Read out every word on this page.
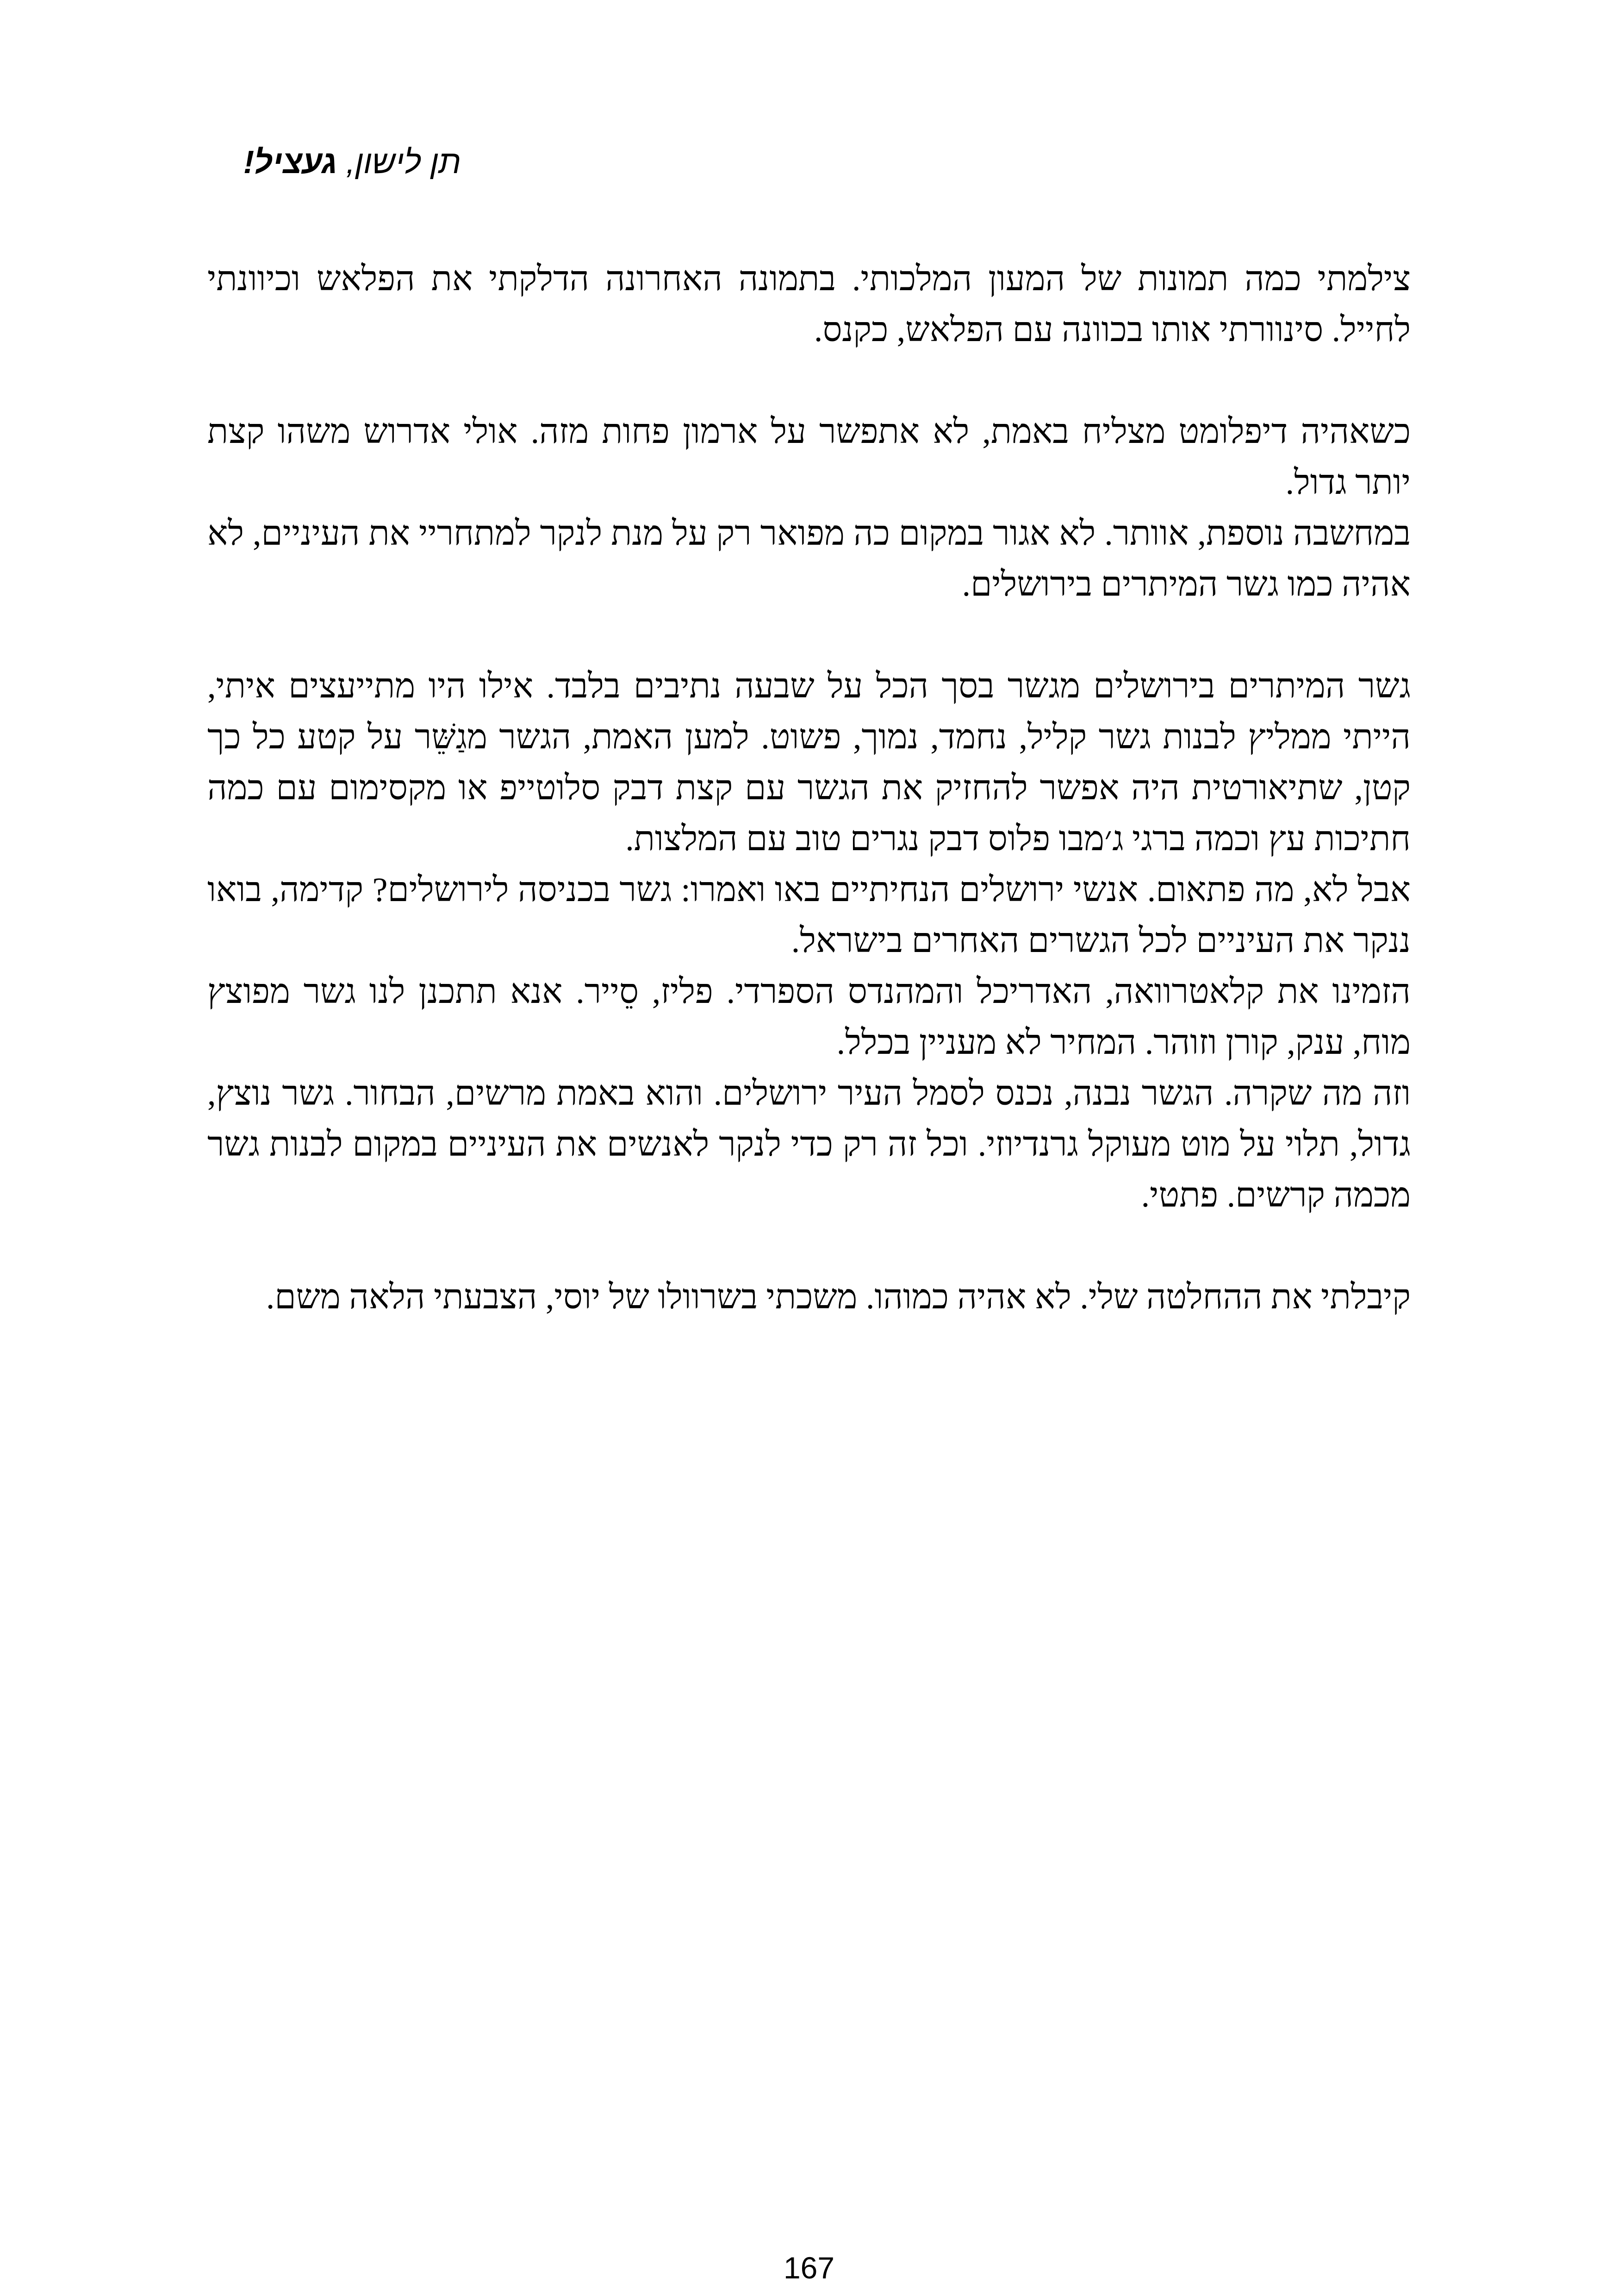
תן לישון, געציל!

צילמתי כמה תמונות של המעון המלכותי. בתמונה האחרונה הדלקתי את הפלאש וכיוונתי לחייל. סינוורתי אותו בכוונה עם הפלאש, כקנס.

כשאהיה דיפלומט מצליח באמת, לא אתפשר על ארמון פחות מזה. אולי אדרוש משהו קצת יותר גדול.

במחשבה נוספת, אוותר. לא אגור במקום כה מפואר רק על מנת לנקר למתחריי את העיניים, לא אהיה כמו גשר המיתרים בירושלים.

גשר המיתרים בירושלים מגשר בסך הכל על שבעה נתיבים בלבד. אילו היו מתייעצים איתי, הייתי ממליץ לבנות גשר קליל, נחמד, נמוך, פשוט. למען האמת, הגשר מגַשֵּׁר על קטע כל כך קטן, שתיאורטית היה אפשר להחזיק את הגשר עם קצת דבק סלוטייפ או מקסימום עם כמה חתיכות עץ וכמה ברגי ג׳מבו פלוס דבק נגרים טוב עם המלצות.

אבל לא, מה פתאום. אנשי ירושלים הנחיתיים באו ואמרו: גשר בכניסה לירושלים? קדימה, בואו ננקר את העיניים לכל הגשרים האחרים בישראל.

הזמינו את קלאטרוואה, האדריכל והמהנדס הספרדי. פליז, סֵייר. אנא תתכנן לנו גשר מפוצץ מוח, ענק, קורן וזוהר. המחיר לא מעניין בכלל.

וזה מה שקרה. הגשר נבנה, נכנס לסמל העיר ירושלים. והוא באמת מרשים, הבחור. גשר נוצץ, גדול, תלוי על מוט מעוקל גרנדיוזי. וכל זה רק כדי לנקר לאנשים את העיניים במקום לבנות גשר מכמה קרשים. פתטי.

קיבלתי את ההחלטה שלי. לא אהיה כמוהו. משכתי בשרוולו של יוסי, הצבעתי הלאה משם.

167
